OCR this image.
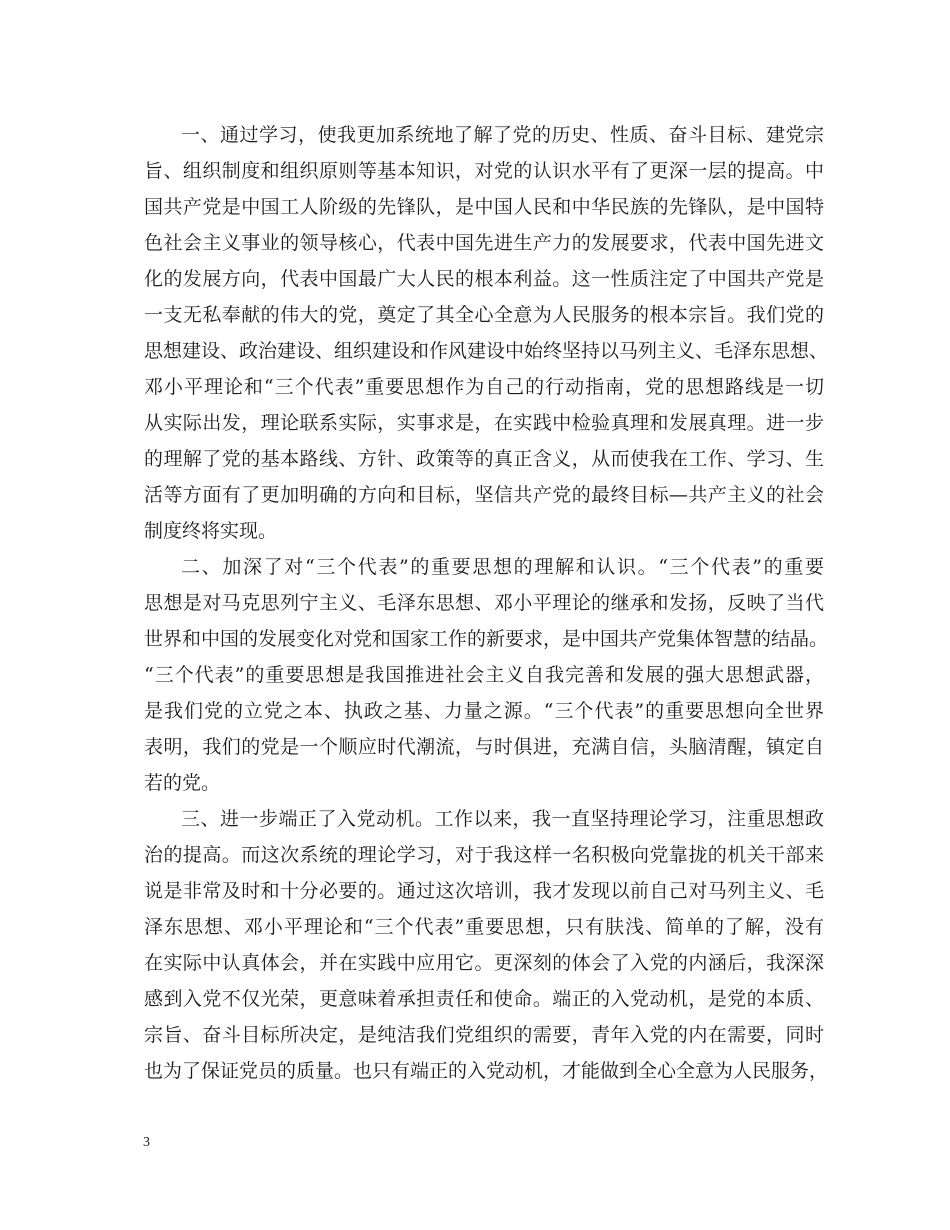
一、通过学习，使我更加系统地了解了党的历史、性质、奋斗目标、建党宗
旨、组织制度和组织原则等基本知识，对党的认识水平有了更深一层的提高。中
国共产党是中国工人阶级的先锋队，是中国人民和中华民族的先锋队，是中国特
色社会主义事业的领导核心，代表中国先进生产力的发展要求，代表中国先进文
化的发展方向，代表中国最广大人民的根本利益。这一性质注定了中国共产党是
一支无私奉献的伟大的党，奠定了其全心全意为人民服务的根本宗旨。我们党的
思想建设、政治建设、组织建设和作风建设中始终坚持以马列主义、毛泽东思想、
邓小平理论和“三个代表”重要思想作为自己的行动指南，党的思想路线是一切
从实际出发，理论联系实际，实事求是，在实践中检验真理和发展真理。进一步
的理解了党的基本路线、方针、政策等的真正含义，从而使我在工作、学习、生
活等方面有了更加明确的方向和目标，坚信共产党的最终目标—共产主义的社会
制度终将实现。
二、加深了对“三个代表”的重要思想的理解和认识。“三个代表”的重要
思想是对马克思列宁主义、毛泽东思想、邓小平理论的继承和发扬，反映了当代
世界和中国的发展变化对党和国家工作的新要求，是中国共产党集体智慧的结晶。
“三个代表”的重要思想是我国推进社会主义自我完善和发展的强大思想武器，
是我们党的立党之本、执政之基、力量之源。“三个代表”的重要思想向全世界
表明，我们的党是一个顺应时代潮流，与时俱进，充满自信，头脑清醒，镇定自
若的党。
三、进一步端正了入党动机。工作以来，我一直坚持理论学习，注重思想政
治的提高。而这次系统的理论学习，对于我这样一名积极向党靠拢的机关干部来
说是非常及时和十分必要的。通过这次培训，我才发现以前自己对马列主义、毛
泽东思想、邓小平理论和“三个代表”重要思想，只有肤浅、简单的了解，没有
在实际中认真体会，并在实践中应用它。更深刻的体会了入党的内涵后，我深深
感到入党不仅光荣，更意味着承担责任和使命。端正的入党动机，是党的本质、
宗旨、奋斗目标所决定，是纯洁我们党组织的需要，青年入党的内在需要，同时
也为了保证党员的质量。也只有端正的入党动机，才能做到全心全意为人民服务，
3
